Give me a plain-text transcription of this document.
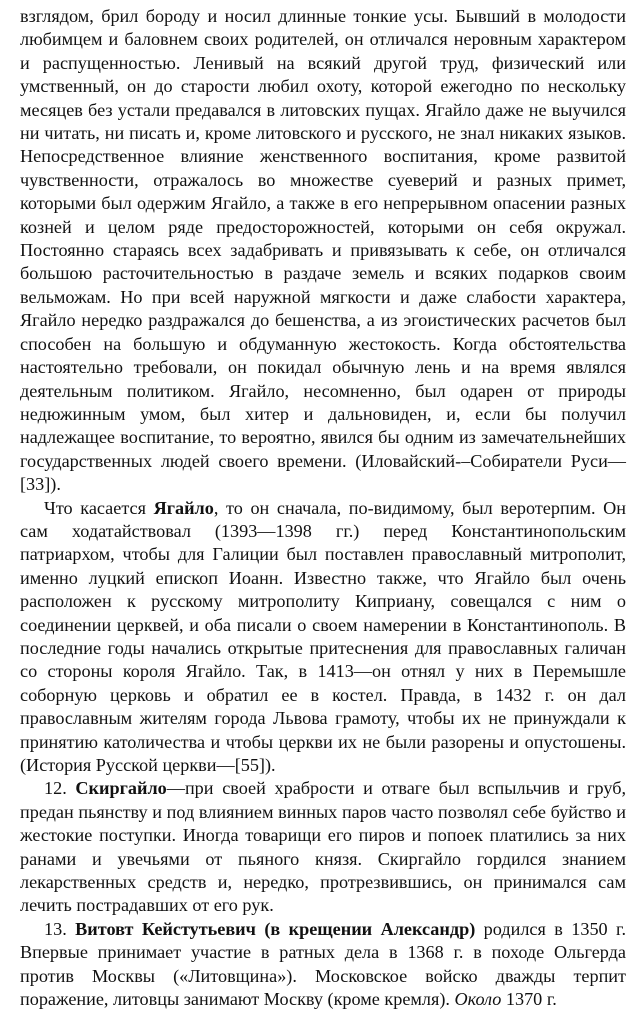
взглядом, брил бороду и носил длинные тонкие усы. Бывший в молодости любимцем и баловнем своих родителей, он отличался неровным характером и распущенностью. Ленивый на всякий другой труд, физический или умственный, он до старости любил охоту, которой ежегодно по нескольку месяцев без устали предавался в литовских пущах. Ягайло даже не выучился ни читать, ни писать и, кроме литовского и русского, не знал никаких языков. Непосредственное влияние женственного воспитания, кроме развитой чувственности, отражалось во множестве суеверий и разных примет, которыми был одержим Ягайло, а также в его непрерывном опасении разных козней и целом ряде предосторожностей, которыми он себя окружал. Постоянно стараясь всех задабривать и привязывать к себе, он отличался большою расточительностью в раздаче земель и всяких подарков своим вельможам. Но при всей наружной мягкости и даже слабости характера, Ягайло нередко раздражался до бешенства, а из эгоистических расчетов был способен на большую и обдуманную жестокость. Когда обстоятельства настоятельно требовали, он покидал обычную лень и на время являлся деятельным политиком. Ягайло, несомненно, был одарен от природы недюжинным умом, был хитер и дальновиден, и, если бы получил надлежащее воспитание, то вероятно, явился бы одним из замечательнейших государственных людей своего времени. (Иловайский-–Собиратели Руси—[33]).

Что касается Ягайло, то он сначала, по-видимому, был веротерпим. Он сам ходатайствовал (1393—1398 гг.) перед Константинопольским патриархом, чтобы для Галиции был поставлен православный митрополит, именно луцкий епископ Иоанн. Известно также, что Ягайло был очень расположен к русскому митрополиту Киприану, совещался с ним о соединении церквей, и оба писали о своем намерении в Константинополь. В последние годы начались открытые притеснения для православных галичан со стороны короля Ягайло. Так, в 1413—он отнял у них в Перемышле соборную церковь и обратил ее в костел. Правда, в 1432 г. он дал православным жителям города Львова грамоту, чтобы их не принуждали к принятию католичества и чтобы церкви их не были разорены и опустошены. (История Русской церкви—[55]).

12. Скиргайло—при своей храбрости и отваге был вспыльчив и груб, предан пьянству и под влиянием винных паров часто позволял себе буйство и жестокие поступки. Иногда товарищи его пиров и попоек платились за них ранами и увечьями от пьяного князя. Скиргайло гордился знанием лекарственных средств и, нередко, протрезвившись, он принимался сам лечить пострадавших от его рук.

13. Витовт Кейстутьевич (в крещении Александр) родился в 1350 г. Впервые принимает участие в ратных дела в 1368 г. в походе Ольгерда против Москвы («Литовщина»). Московское войско дважды терпит поражение, литовцы занимают Москву (кроме кремля). Около 1370 г.
